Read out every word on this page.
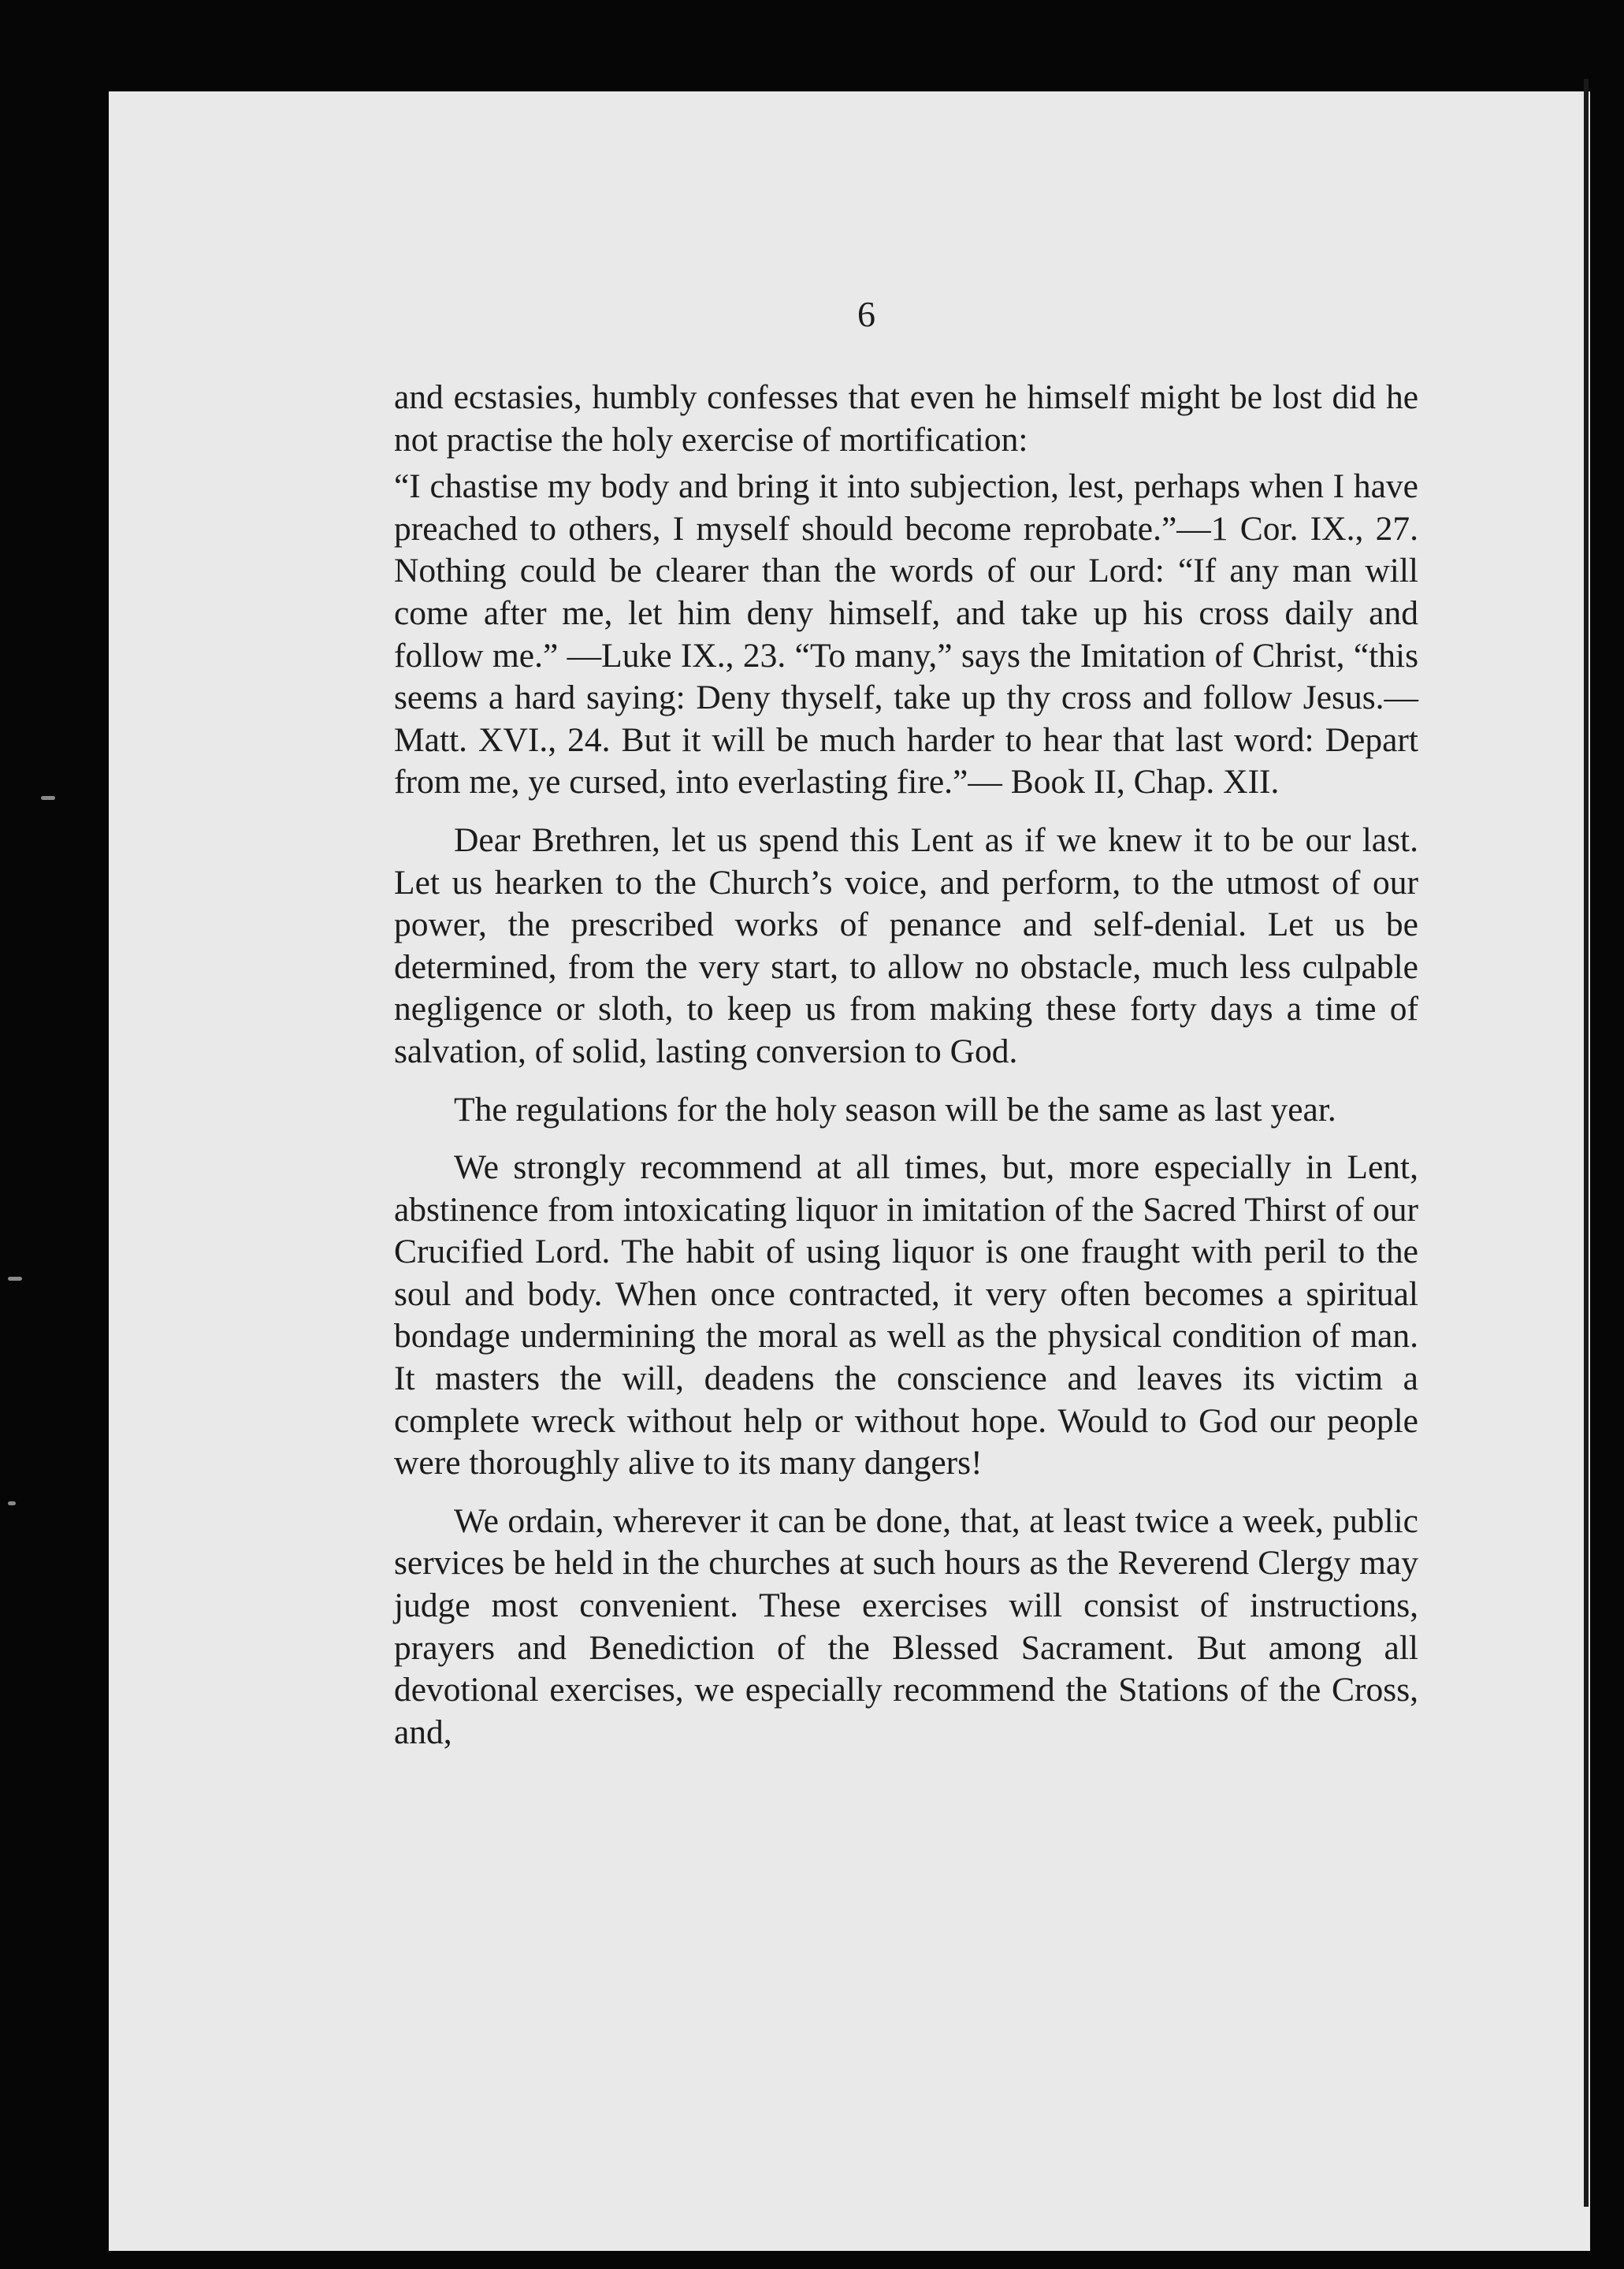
6

and ecstasies, humbly confesses that even he himself might be lost did he not practise the holy exercise of mortification:

“I chastise my body and bring it into subjection, lest, perhaps when I have preached to others, I myself should become reprobate.”—1 Cor. IX., 27. Nothing could be clearer than the words of our Lord: “If any man will come after me, let him deny himself, and take up his cross daily and follow me.” —Luke IX., 23. “To many,” says the Imitation of Christ, “this seems a hard saying: Deny thyself, take up thy cross and follow Jesus.—Matt. XVI., 24. But it will be much harder to hear that last word: Depart from me, ye cursed, into everlasting fire.”— Book II, Chap. XII.

Dear Brethren, let us spend this Lent as if we knew it to be our last. Let us hearken to the Church’s voice, and perform, to the utmost of our power, the prescribed works of penance and self-denial. Let us be determined, from the very start, to allow no obstacle, much less culpable negligence or sloth, to keep us from making these forty days a time of salvation, of solid, lasting conversion to God.

The regulations for the holy season will be the same as last year.

We strongly recommend at all times, but, more especially in Lent, abstinence from intoxicating liquor in imitation of the Sacred Thirst of our Crucified Lord. The habit of using liquor is one fraught with peril to the soul and body. When once contracted, it very often becomes a spiritual bondage undermining the moral as well as the physical condition of man. It masters the will, deadens the conscience and leaves its victim a complete wreck without help or without hope. Would to God our people were thoroughly alive to its many dangers!

We ordain, wherever it can be done, that, at least twice a week, public services be held in the churches at such hours as the Reverend Clergy may judge most convenient. These exercises will consist of instructions, prayers and Benediction of the Blessed Sacrament. But among all devotional exercises, we especially recommend the Stations of the Cross, and,
